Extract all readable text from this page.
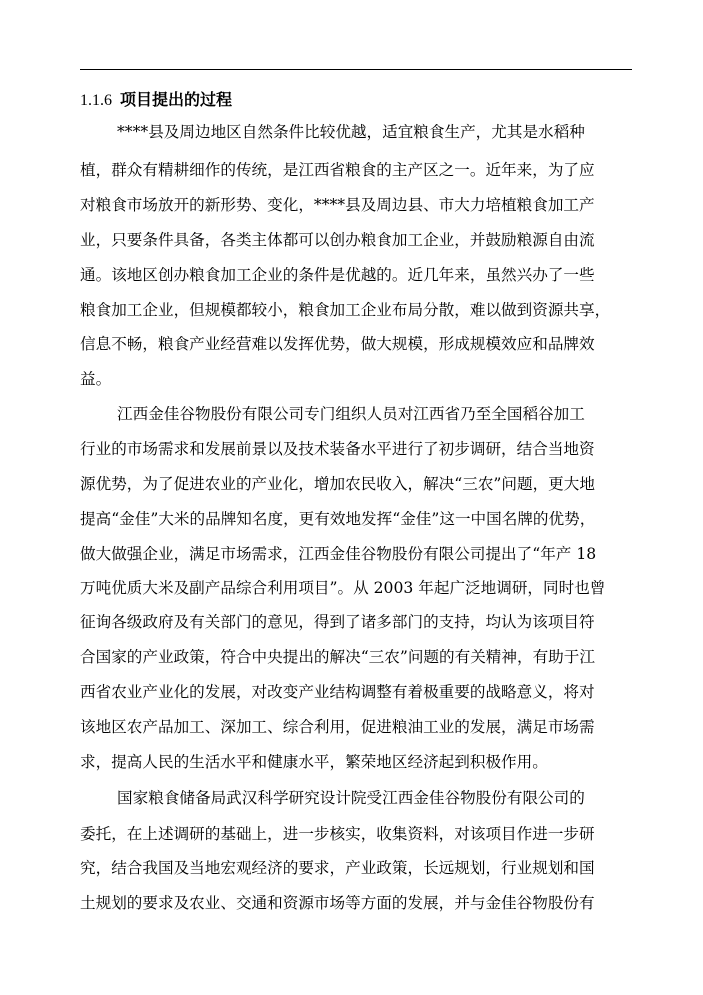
1.1.6 项目提出的过程
****县及周边地区自然条件比较优越，适宜粮食生产，尤其是水稻种
植，群众有精耕细作的传统，是江西省粮食的主产区之一。近年来，为了应
对粮食市场放开的新形势、变化，****县及周边县、市大力培植粮食加工产
业，只要条件具备，各类主体都可以创办粮食加工企业，并鼓励粮源自由流
通。该地区创办粮食加工企业的条件是优越的。近几年来，虽然兴办了一些
粮食加工企业，但规模都较小，粮食加工企业布局分散，难以做到资源共享，
信息不畅，粮食产业经营难以发挥优势，做大规模，形成规模效应和品牌效
益。
江西金佳谷物股份有限公司专门组织人员对江西省乃至全国稻谷加工
行业的市场需求和发展前景以及技术装备水平进行了初步调研，结合当地资
源优势，为了促进农业的产业化，增加农民收入，解决“三农”问题，更大地
提高“金佳”大米的品牌知名度，更有效地发挥“金佳”这一中国名牌的优势，
做大做强企业，满足市场需求，江西金佳谷物股份有限公司提出了“年产 18
万吨优质大米及副产品综合利用项目”。从 2003 年起广泛地调研，同时也曾
征询各级政府及有关部门的意见，得到了诸多部门的支持，均认为该项目符
合国家的产业政策，符合中央提出的解决“三农”问题的有关精神，有助于江
西省农业产业化的发展，对改变产业结构调整有着极重要的战略意义，将对
该地区农产品加工、深加工、综合利用，促进粮油工业的发展，满足市场需
求，提高人民的生活水平和健康水平，繁荣地区经济起到积极作用。
国家粮食储备局武汉科学研究设计院受江西金佳谷物股份有限公司的
委托，在上述调研的基础上，进一步核实，收集资料，对该项目作进一步研
究，结合我国及当地宏观经济的要求，产业政策，长远规划，行业规划和国
土规划的要求及农业、交通和资源市场等方面的发展，并与金佳谷物股份有
